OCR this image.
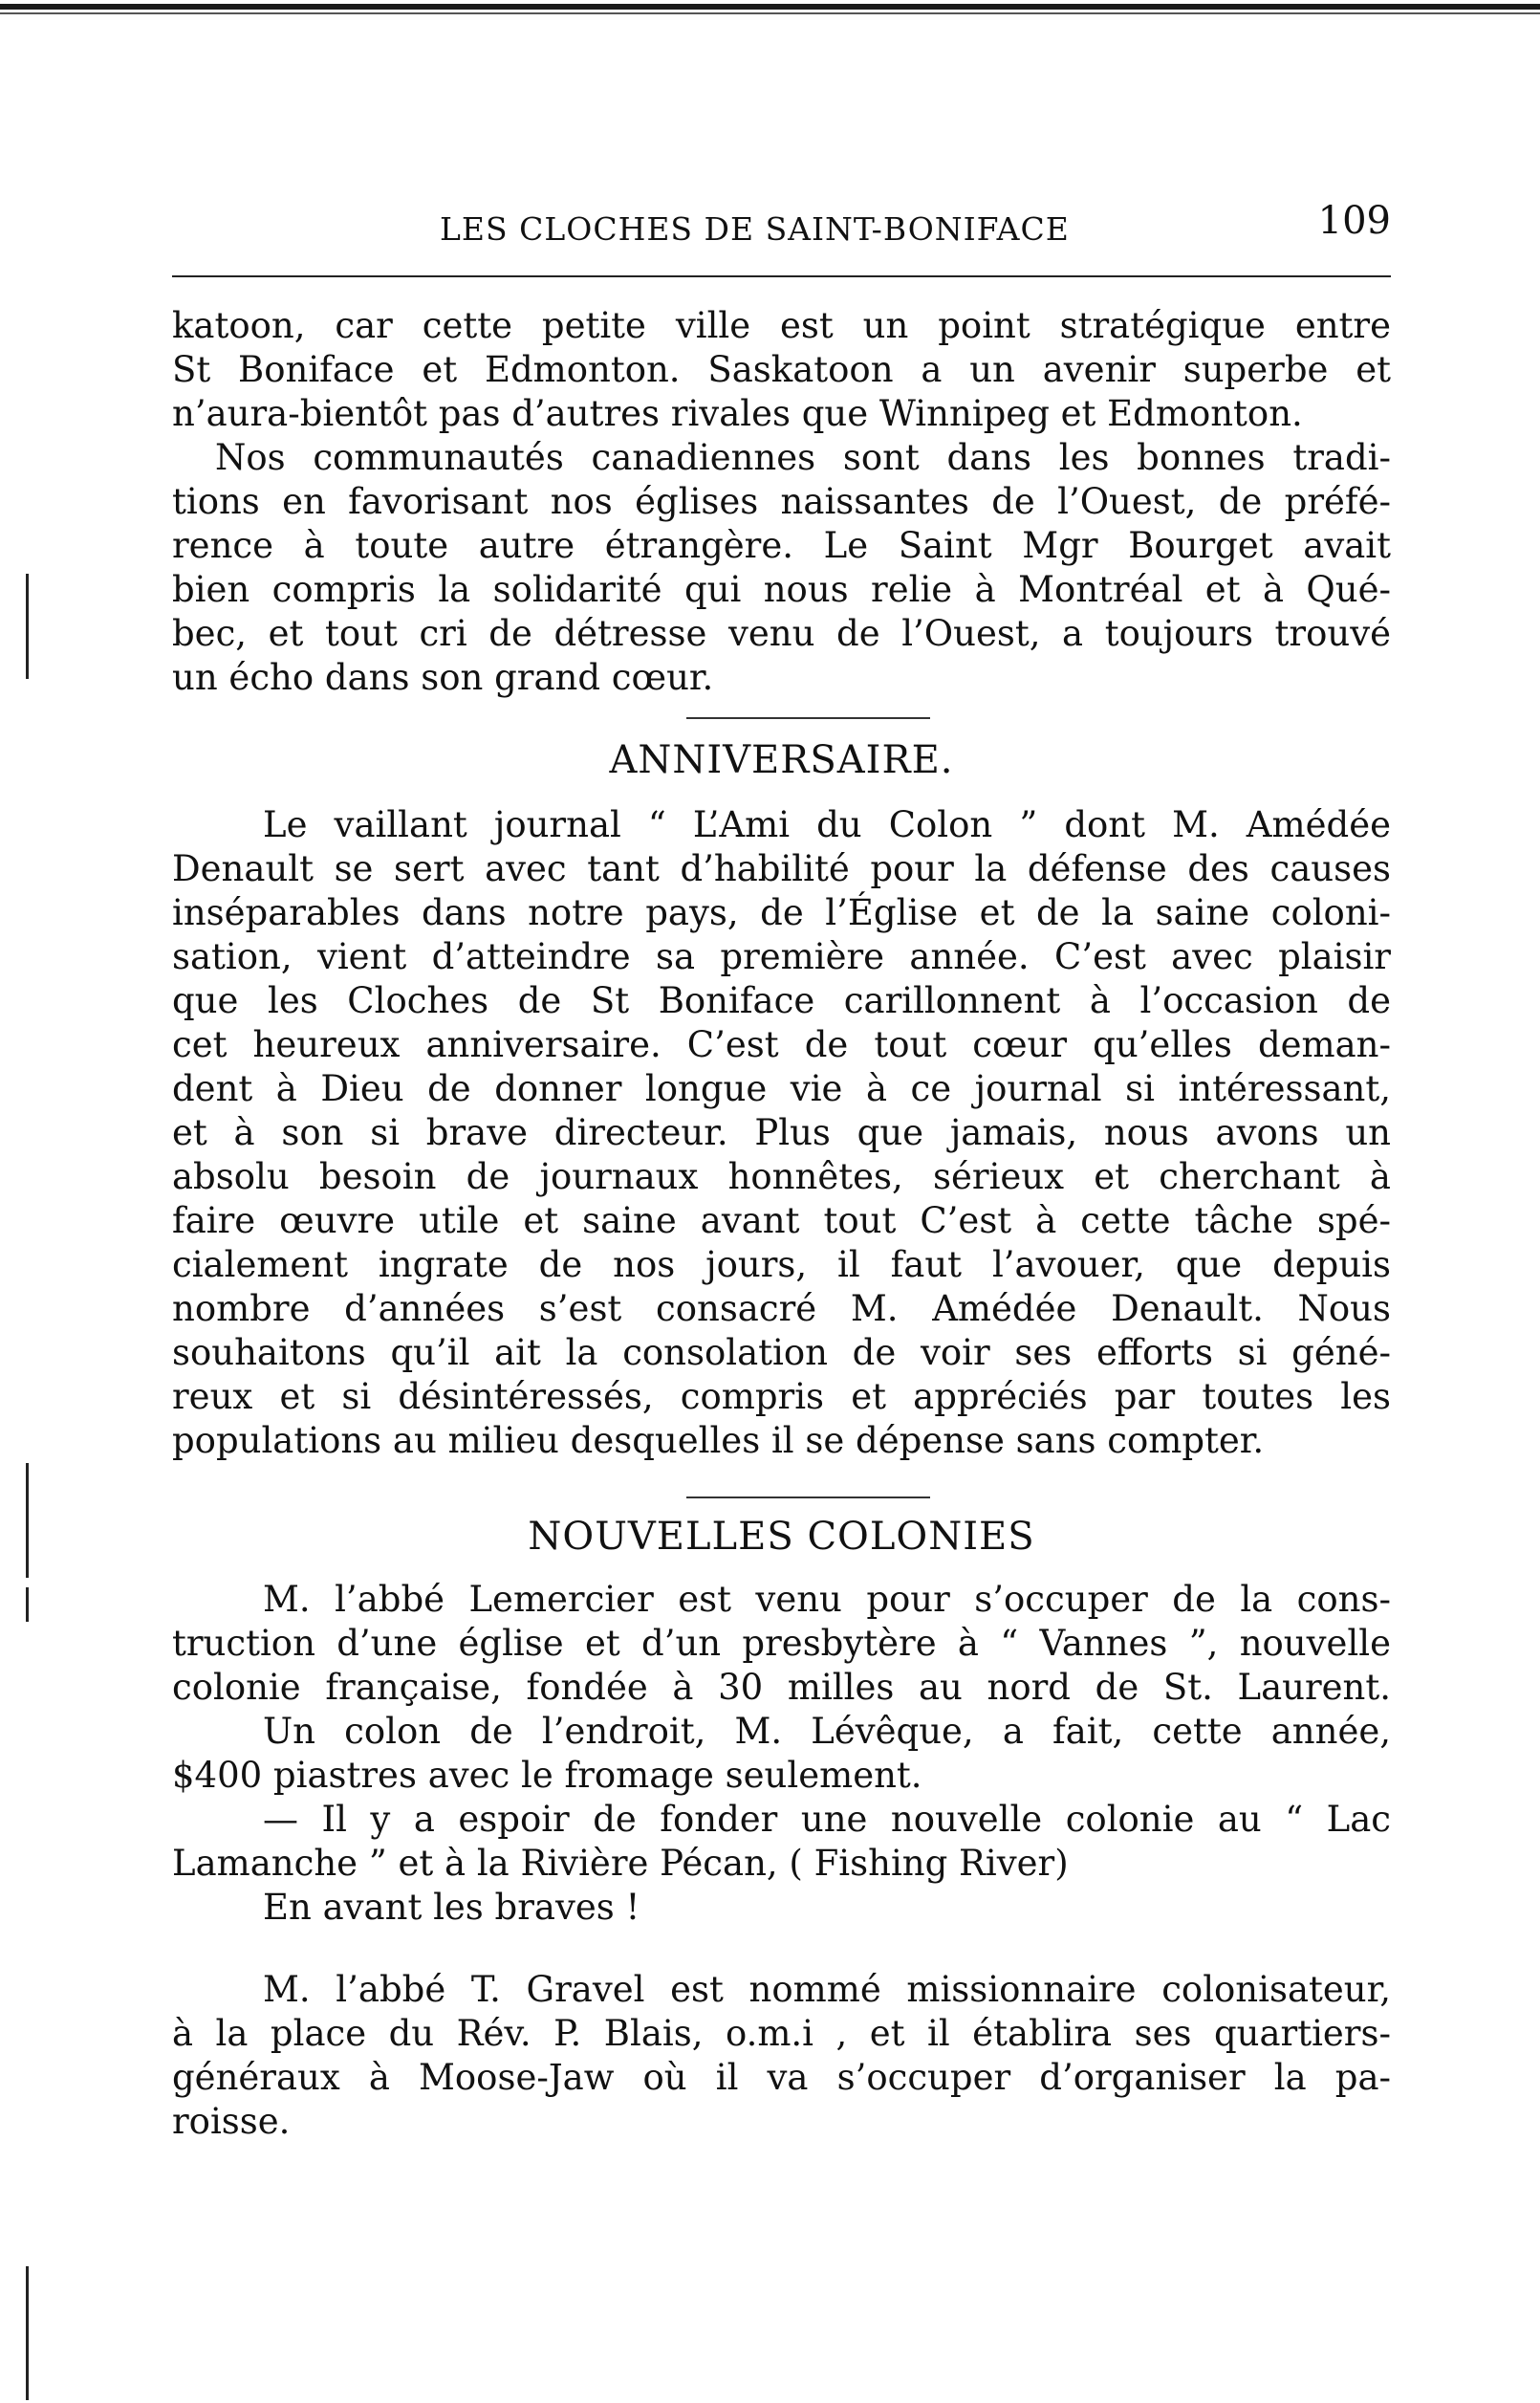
LES CLOCHES DE SAINT-BONIFACE	109
katoon, car cette petite ville est un point stratégique entre
St Boniface et Edmonton. Saskatoon a un avenir superbe et
n’aura-bientôt pas d’autres rivales que Winnipeg et Edmonton.
Nos communautés canadiennes sont dans les bonnes tradi-
tions en favorisant nos églises naissantes de l’Ouest, de préfé-
rence à toute autre étrangère. Le Saint Mgr Bourget avait
bien compris la solidarité qui nous relie à Montréal et à Qué-
bec, et tout cri de détresse venu de l’Ouest, a toujours trouvé
un écho dans son grand cœur.
ANNIVERSAIRE.
Le vaillant journal “ L’Ami du Colon ” dont M. Amédée
Denault se sert avec tant d’habilité pour la défense des causes
inséparables dans notre pays, de l’Église et de la saine coloni-
sation, vient d’atteindre sa première année. C’est avec plaisir
que les Cloches de St Boniface carillonnent à l’occasion de
cet heureux anniversaire. C’est de tout cœur qu’elles deman-
dent à Dieu de donner longue vie à ce journal si intéressant,
et à son si brave directeur. Plus que jamais, nous avons un
absolu besoin de journaux honnêtes, sérieux et cherchant à
faire œuvre utile et saine avant tout C’est à cette tâche spé-
cialement ingrate de nos jours, il faut l’avouer, que depuis
nombre d’années s’est consacré M. Amédée Denault. Nous
souhaitons qu’il ait la consolation de voir ses efforts si géné-
reux et si désintéressés, compris et appréciés par toutes les
populations au milieu desquelles il se dépense sans compter.
NOUVELLES COLONIES
M. l’abbé Lemercier est venu pour s’occuper de la cons-
truction d’une église et d’un presbytère à “ Vannes ”, nouvelle
colonie française, fondée à 30 milles au nord de St. Laurent.
Un colon de l’endroit, M. Lévêque, a fait, cette année,
$400 piastres avec le fromage seulement.
— Il y a espoir de fonder une nouvelle colonie au “ Lac
Lamanche ” et à la Rivière Pécan, ( Fishing River)
En avant les braves !
M. l’abbé T. Gravel est nommé missionnaire colonisateur,
à la place du Rév. P. Blais, o.m.i , et il établira ses quartiers-
généraux à Moose-Jaw où il va s’occuper d’organiser la pa-
roisse.
